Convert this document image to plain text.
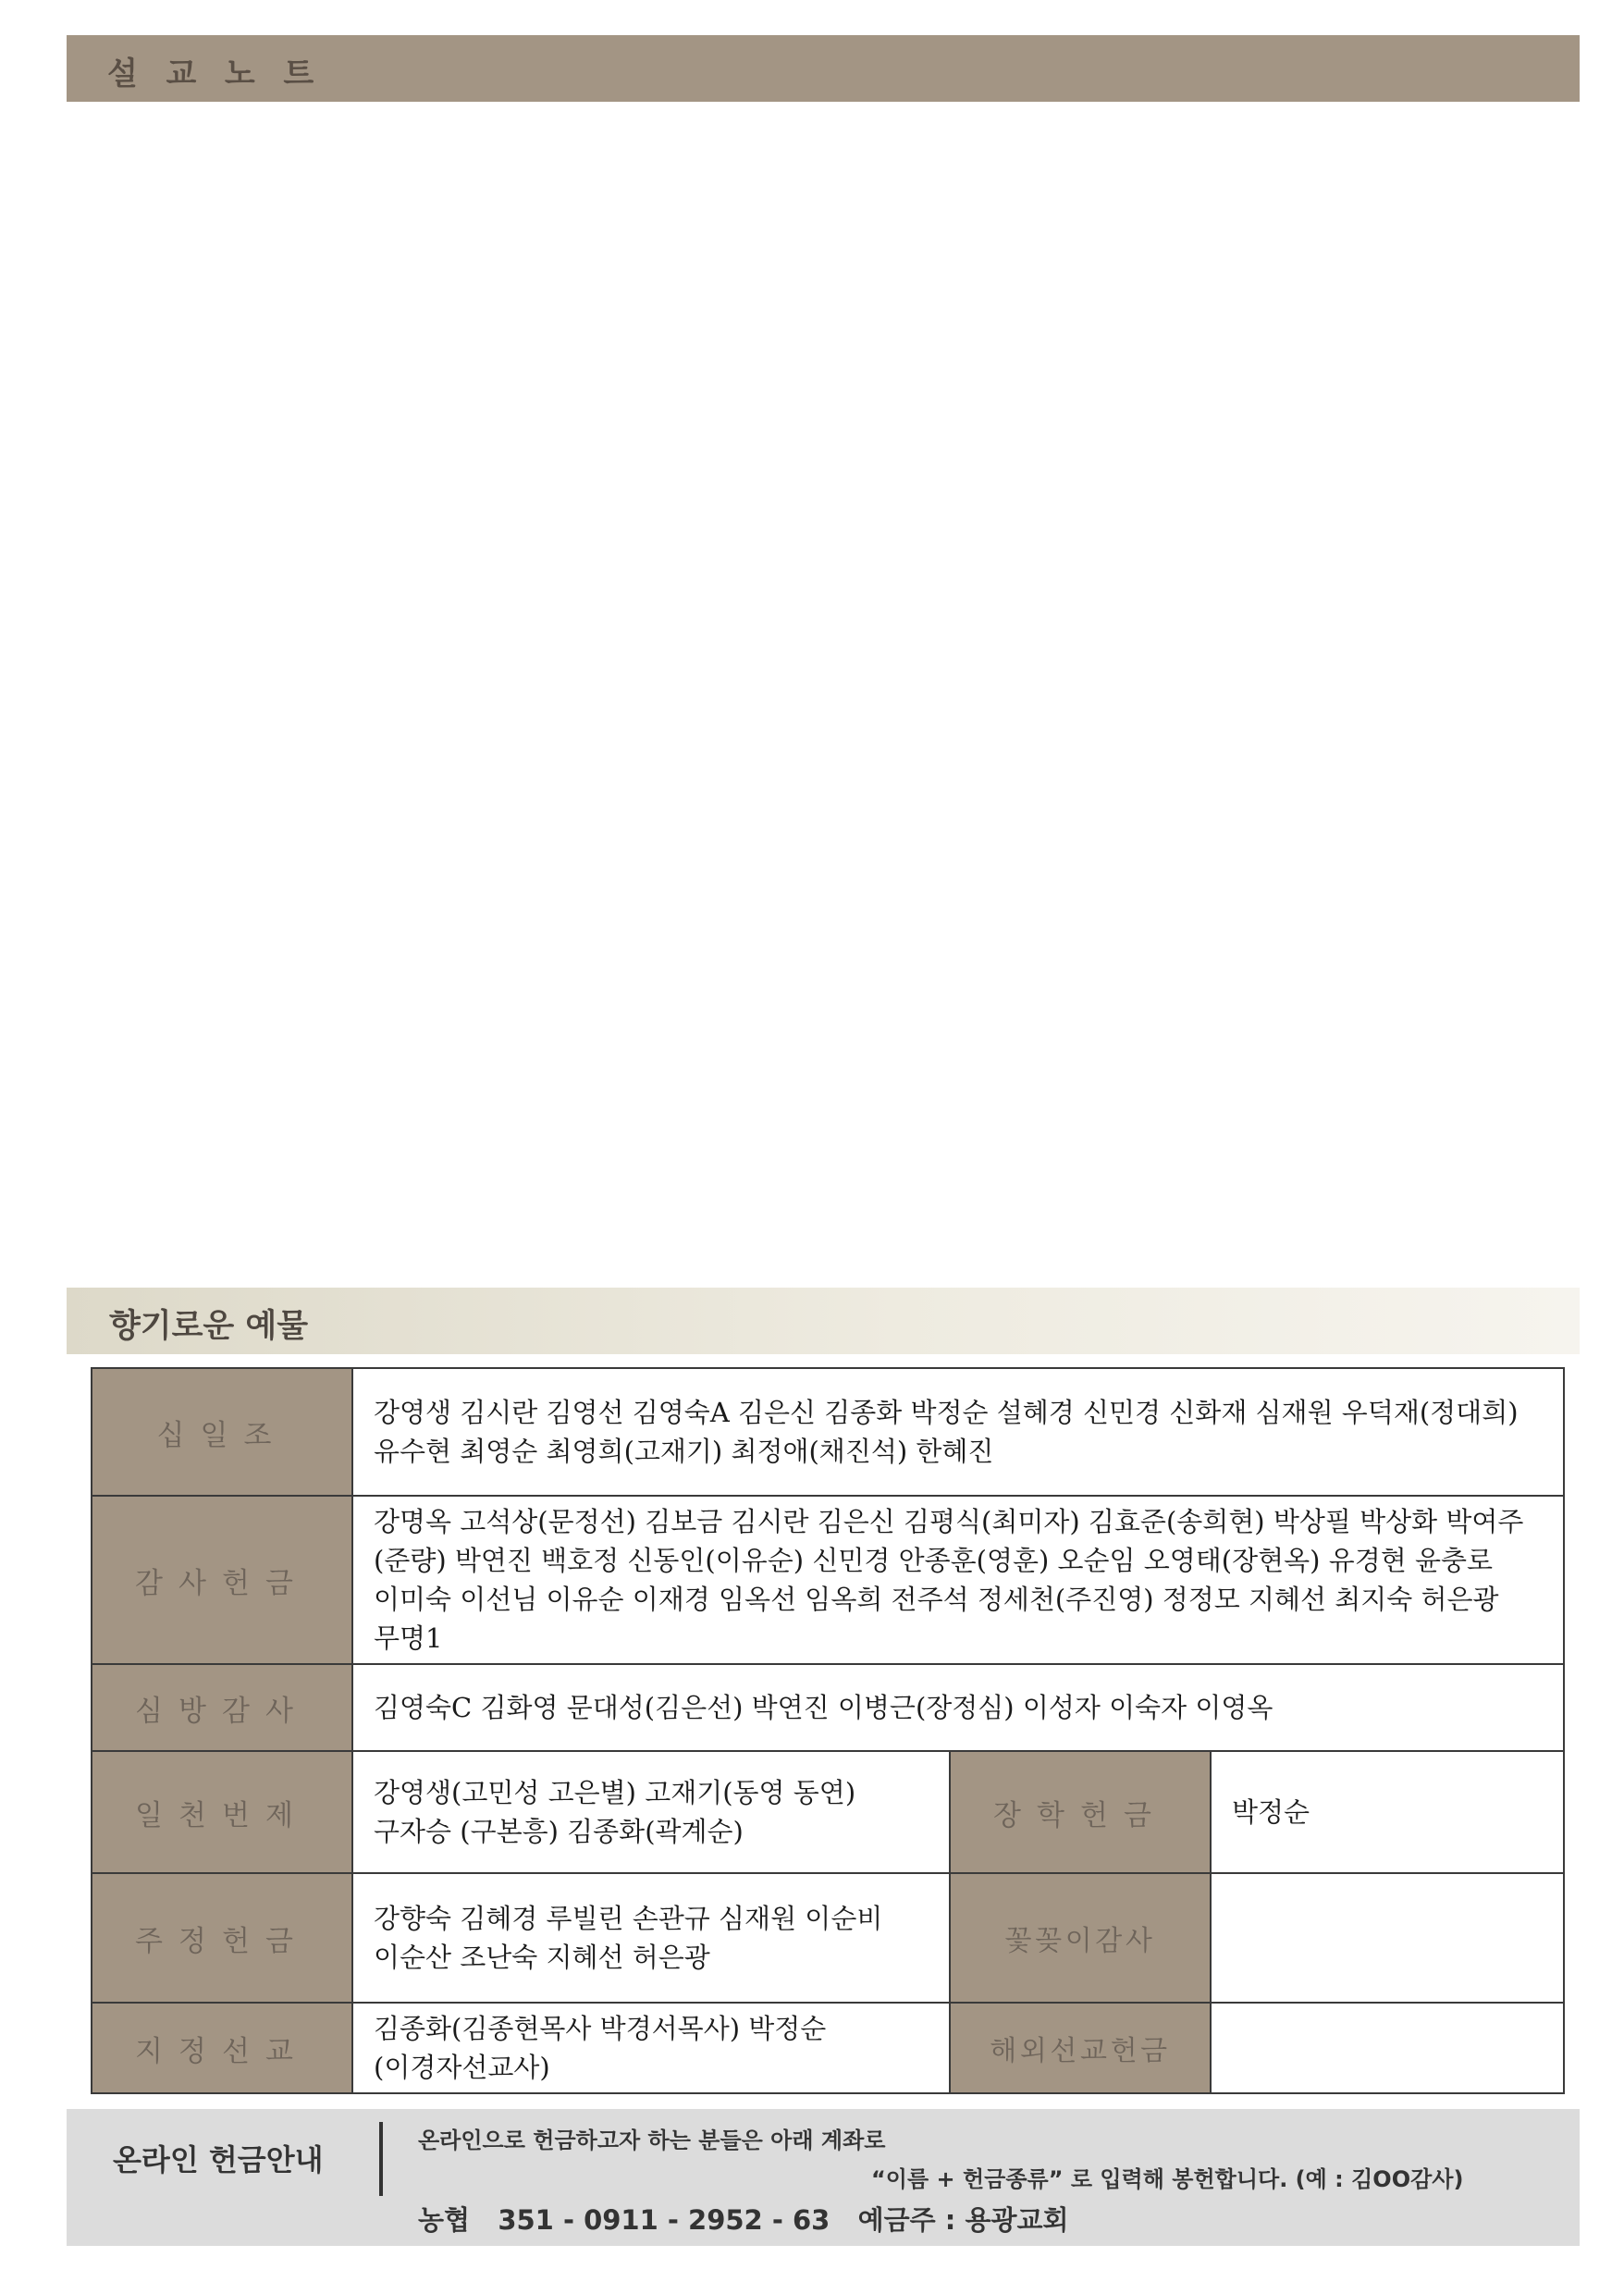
설교노트
향기로운 예물
십일조	강영생 김시란 김영선 김영숙A 김은신 김종화 박정순 설혜경 신민경 신화재 심재원 우덕재(정대희) 유수현 최영순 최영희(고재기) 최정애(채진석) 한혜진		
감사헌금	강명옥 고석상(문정선) 김보금 김시란 김은신 김평식(최미자) 김효준(송희현) 박상필 박상화 박여주(준량) 박연진 백호정 신동인(이유순) 신민경 안종훈(영훈) 오순임 오영태(장현옥) 유경현 윤충로 이미숙 이선님 이유순 이재경 임옥선 임옥희 전주석 정세천(주진영) 정정모 지혜선 최지숙 허은광 무명1		
심방감사	김영숙C 김화영 문대성(김은선) 박연진 이병근(장정심) 이성자 이숙자 이영옥		
일천번제	강영생(고민성 고은별) 고재기(동영 동연) 구자승 (구본흥) 김종화(곽계순)	장학헌금	박정순
주정헌금	강향숙 김혜경 루빌린 손관규 심재원 이순비 이순산 조난숙 지혜선 허은광	꽃꽂이감사	
지정선교	김종화(김종현목사 박경서목사) 박정순(이경자선교사)	해외선교헌금	
온라인 헌금안내
온라인으로 헌금하고자 하는 분들은 아래 계좌로
“이름 + 헌금종류” 로 입력해 봉헌합니다. (예 : 김OO감사)
농협   351 - 0911 - 2952 - 63   예금주 : 용광교회
